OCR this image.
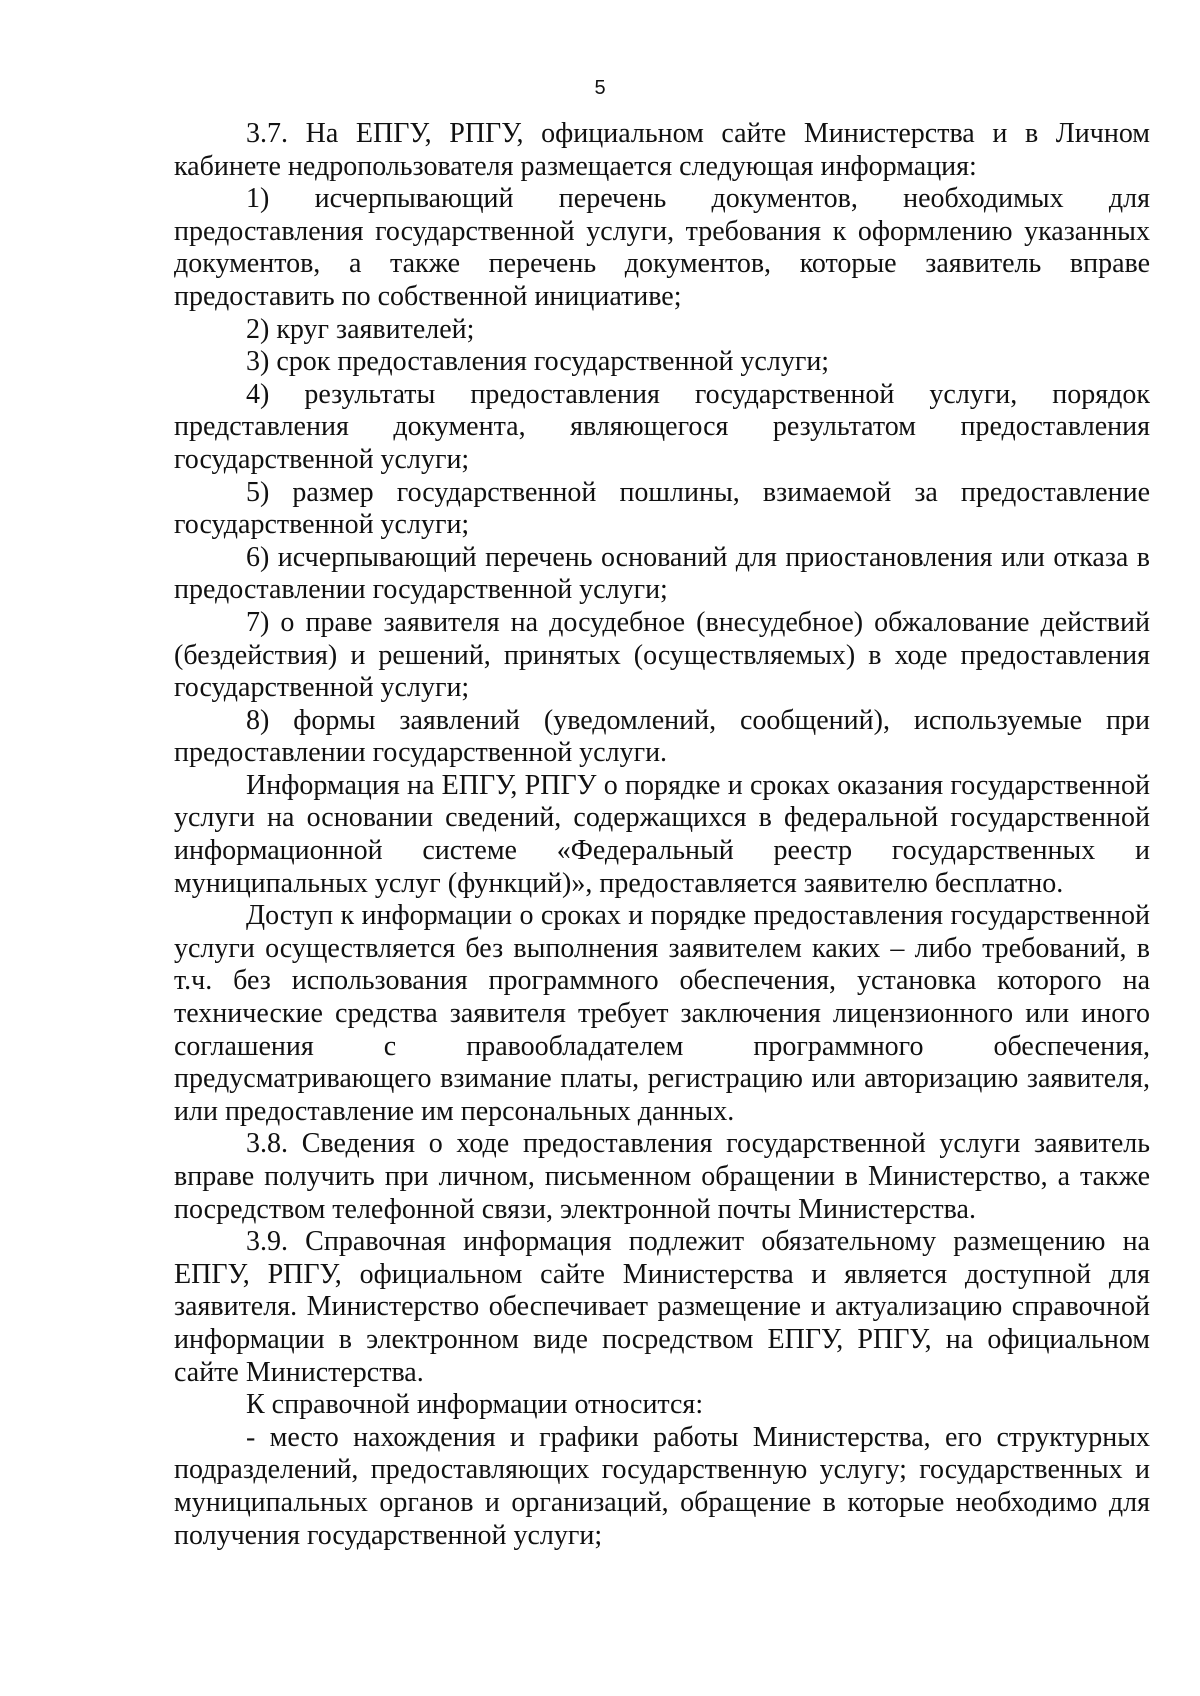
5

3.7. На ЕПГУ, РПГУ, официальном сайте Министерства и в Личном кабинете недропользователя размещается следующая информация:

1) исчерпывающий перечень документов, необходимых для предоставления государственной услуги, требования к оформлению указанных документов, а также перечень документов, которые заявитель вправе предоставить по собственной инициативе;

2) круг заявителей;

3) срок предоставления государственной услуги;

4) результаты предоставления государственной услуги, порядок представления документа, являющегося результатом предоставления государственной услуги;

5) размер государственной пошлины, взимаемой за предоставление государственной услуги;

6) исчерпывающий перечень оснований для приостановления или отказа в предоставлении государственной услуги;

7) о праве заявителя на досудебное (внесудебное) обжалование действий (бездействия) и решений, принятых (осуществляемых) в ходе предоставления государственной услуги;

8) формы заявлений (уведомлений, сообщений), используемые при предоставлении государственной услуги.

Информация на ЕПГУ, РПГУ о порядке и сроках оказания государственной услуги на основании сведений, содержащихся в федеральной государственной информационной системе «Федеральный реестр государственных и муниципальных услуг (функций)», предоставляется заявителю бесплатно.

Доступ к информации о сроках и порядке предоставления государственной услуги осуществляется без выполнения заявителем каких – либо требований, в т.ч. без использования программного обеспечения, установка которого на технические средства заявителя требует заключения лицензионного или иного соглашения с правообладателем программного обеспечения, предусматривающего взимание платы, регистрацию или авторизацию заявителя, или предоставление им персональных данных.

3.8. Сведения о ходе предоставления государственной услуги заявитель вправе получить при личном, письменном обращении в Министерство, а также посредством телефонной связи, электронной почты Министерства.

3.9. Справочная информация подлежит обязательному размещению на ЕПГУ, РПГУ, официальном сайте Министерства и является доступной для заявителя. Министерство обеспечивает размещение и актуализацию справочной информации в электронном виде посредством ЕПГУ, РПГУ, на официальном сайте Министерства.

К справочной информации относится:

- место нахождения и графики работы Министерства, его структурных подразделений, предоставляющих государственную услугу; государственных и муниципальных органов и организаций, обращение в которые необходимо для получения государственной услуги;
